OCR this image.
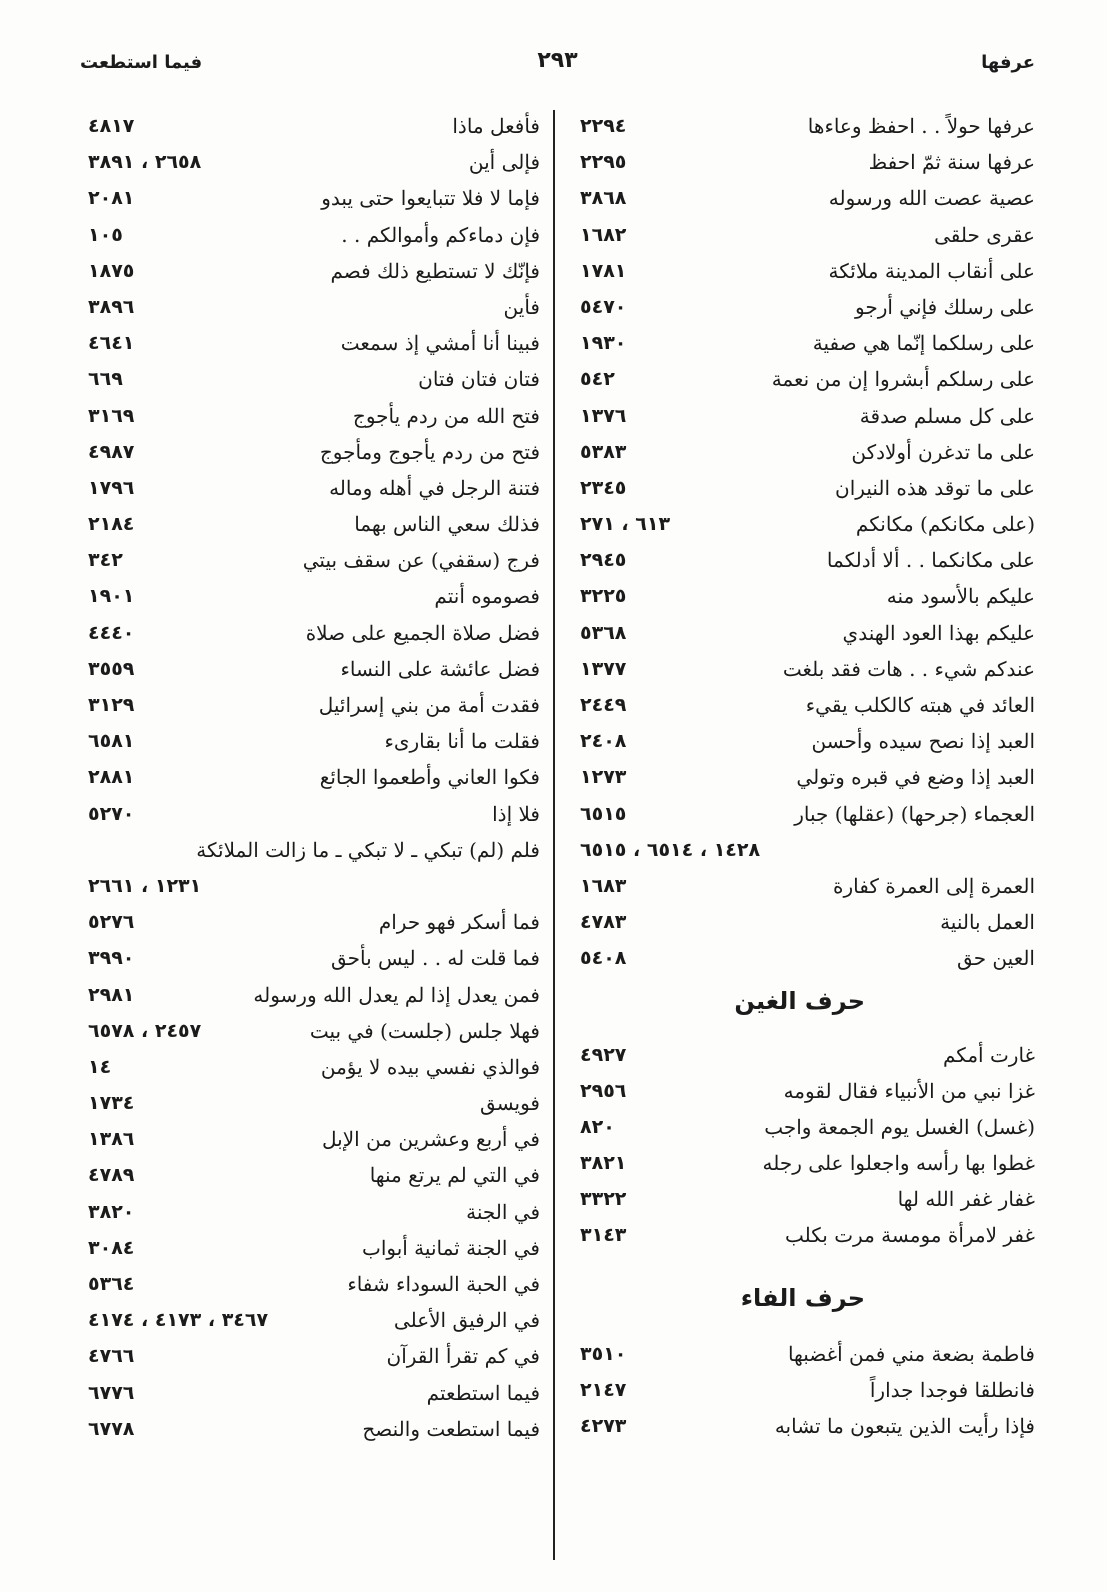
عرفها
٢٩٣
فيما استطعت
عرفها حولاً . . احفظ وعاءها
٢٢٩٤
عرفها سنة ثمّ احفظ
٢٢٩٥
عصية عصت الله ورسوله
٣٨٦٨
عقرى حلقى
١٦٨٢
على أنقاب المدينة ملائكة
١٧٨١
على رسلك فإني أرجو
٥٤٧٠
على رسلكما إنّما هي صفية
١٩٣٠
على رسلكم أبشروا إن من نعمة
٥٤٢
على كل مسلم صدقة
١٣٧٦
على ما تدغرن أولادكن
٥٣٨٣
على ما توقد هذه النيران
٢٣٤٥
(على مكانكم) مكانكم
٦١٣ ، ٢٧١
على مكانكما . . ألا أدلكما
٢٩٤٥
عليكم بالأسود منه
٣٢٢٥
عليكم بهذا العود الهندي
٥٣٦٨
عندكم شيء . . هات فقد بلغت
١٣٧٧
العائد في هبته كالكلب يقيء
٢٤٤٩
العبد إذا نصح سيده وأحسن
٢٤٠٨
العبد إذا وضع في قبره وتولي
١٢٧٣
العجماء (جرحها) (عقلها) جبار
٦٥١٥
١٤٢٨ ، ٦٥١٤ ، ٦٥١٥
العمرة إلى العمرة كفارة
١٦٨٣
العمل بالنية
٤٧٨٣
العين حق
٥٤٠٨
حرف الغين
غارت أمكم
٤٩٢٧
غزا نبي من الأنبياء فقال لقومه
٢٩٥٦
(غسل) الغسل يوم الجمعة واجب
٨٢٠
غطوا بها رأسه واجعلوا على رجله
٣٨٢١
غفار غفر الله لها
٣٣٢٢
غفر لامرأة مومسة مرت بكلب
٣١٤٣
حرف الفاء
فاطمة بضعة مني فمن أغضبها
٣٥١٠
فانطلقا فوجدا جداراً
٢١٤٧
فإذا رأيت الذين يتبعون ما تشابه
٤٢٧٣
فأفعل ماذا
٤٨١٧
فإلى أين
٢٦٥٨ ، ٣٨٩١
فإما لا فلا تتبايعوا حتى يبدو
٢٠٨١
فإن دماءكم وأموالكم . .
١٠٥
فإنّك لا تستطيع ذلك فصم
١٨٧٥
فأين
٣٨٩٦
فبينا أنا أمشي إذ سمعت
٤٦٤١
فتان فتان فتان
٦٦٩
فتح الله من ردم يأجوج
٣١٦٩
فتح من ردم يأجوج ومأجوج
٤٩٨٧
فتنة الرجل في أهله وماله
١٧٩٦
فذلك سعي الناس بهما
٢١٨٤
فرج (سقفي) عن سقف بيتي
٣٤٢
فصوموه أنتم
١٩٠١
فضل صلاة الجميع على صلاة
٤٤٤٠
فضل عائشة على النساء
٣٥٥٩
فقدت أمة من بني إسرائيل
٣١٢٩
فقلت ما أنا بقارىء
٦٥٨١
فكوا العاني وأطعموا الجائع
٢٨٨١
فلا إذا
٥٢٧٠
فلم (لم) تبكي ـ لا تبكي ـ ما زالت الملائكة
١٢٣١ ، ٢٦٦١
فما أسكر فهو حرام
٥٢٧٦
فما قلت له . . ليس بأحق
٣٩٩٠
فمن يعدل إذا لم يعدل الله ورسوله
٢٩٨١
فهلا جلس (جلست) في بيت
٢٤٥٧ ، ٦٥٧٨
فوالذي نفسي بيده لا يؤمن
١٤
فويسق
١٧٣٤
في أربع وعشرين من الإبل
١٣٨٦
في التي لم يرتع منها
٤٧٨٩
في الجنة
٣٨٢٠
في الجنة ثمانية أبواب
٣٠٨٤
في الحبة السوداء شفاء
٥٣٦٤
في الرفيق الأعلى
٣٤٦٧ ، ٤١٧٣ ، ٤١٧٤
في كم تقرأ القرآن
٤٧٦٦
فيما استطعتم
٦٧٧٦
فيما استطعت والنصح
٦٧٧٨
